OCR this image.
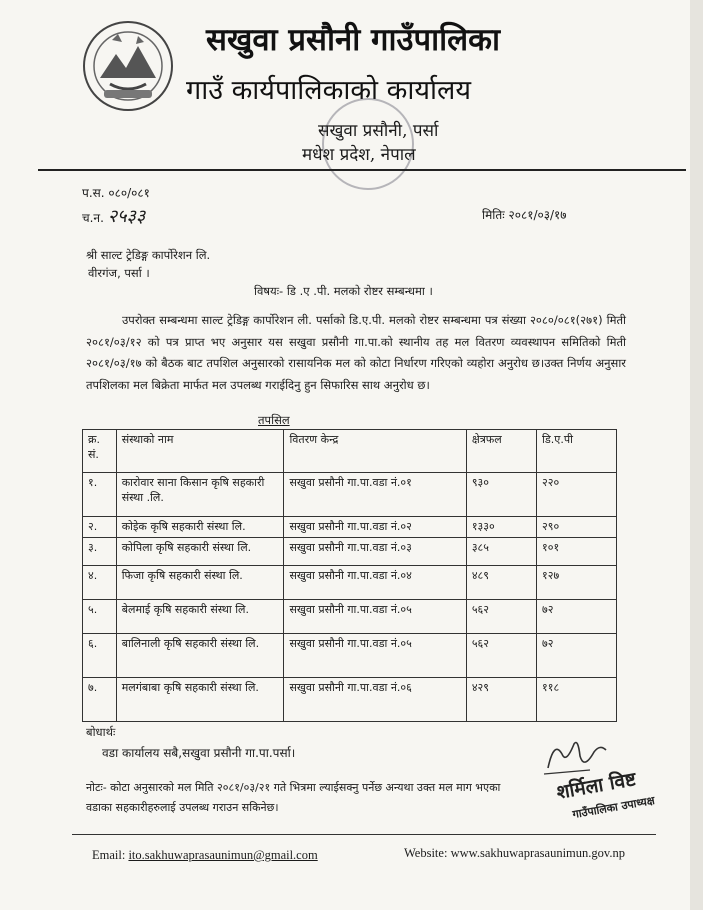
सखुवा प्रसौनी गाउँपालिका
गाउँ कार्यपालिकाको कार्यालय
सखुवा प्रसौनी, पर्सा
मधेश प्रदेश, नेपाल
प.स. ०८०/०८१
च.न. २५३३	मितिः २०८१/०३/१७
श्री साल्ट ट्रेडिङ्ग कार्पोरेशन लि.
वीरगंज, पर्सा ।
विषयः- डि .ए .पी. मलको रोष्टर सम्बन्धमा ।
उपरोक्त सम्बन्धमा साल्ट ट्रेडिङ्ग कार्पोरेशन ली. पर्साको डि.ए.पी. मलको रोष्टर सम्बन्धमा पत्र संख्या २०८०/०८१(२७१) मिती २०८१/०३/१२ को पत्र प्राप्त भए अनुसार यस सखुवा प्रसौनी गा.पा.को स्थानीय तह मल वितरण व्यवस्थापन समितिको मिती २०८१/०३/१७ को बैठक बाट तपशिल अनुसारको रासायनिक मल को कोटा निर्धारण गरिएको व्यहोरा अनुरोध छ।उक्त निर्णय अनुसार तपशिलका मल बिक्रेता मार्फत मल उपलब्ध गराईदिनु हुन सिफारिस साथ अनुरोध छ।
तपसिल
क्र. सं.	संस्थाको नाम	वितरण केन्द्र	क्षेत्रफल	डि.ए.पी
१.	कारोवार साना किसान कृषि सहकारी संस्था .लि.	सखुवा प्रसौनी गा.पा.वडा नं.०१	९३०	२२०
२.	कोइेक कृषि सहकारी संस्था लि.	सखुवा प्रसौनी गा.पा.वडा नं.०२	१३३०	२९०
३.	कोपिला कृषि सहकारी संस्था लि.	सखुवा प्रसौनी गा.पा.वडा नं.०३	३८५	१०१
४.	फिजा कृषि सहकारी संस्था लि.	सखुवा प्रसौनी गा.पा.वडा नं.०४	४८९	१२७
५.	बेलमाई कृषि सहकारी संस्था लि.	सखुवा प्रसौनी गा.पा.वडा नं.०५	५६२	७२
६.	बालिनाली कृषि सहकारी संस्था लि.	सखुवा प्रसौनी गा.पा.वडा नं.०५	५६२	७२
७.	मलगंबाबा कृषि सहकारी संस्था लि.	सखुवा प्रसौनी गा.पा.वडा नं.०६	४२९	११८
बोधार्थः
वडा कार्यालय सबै,सखुवा प्रसौनी गा.पा.पर्सा।
नोटः- कोटा अनुसारको मल मिति २०८१/०३/२१ गते भित्रमा ल्याईसक्नु पर्नेछ अन्यथा उक्त मल माग भएका
वडाका सहकारीहरुलाई उपलब्ध गराउन सकिनेछ।
शर्मिला विष्ट
गाउँपालिका उपाध्यक्ष
Email: ito.sakhuwaprasaunimun@gmail.com	Website: www.sakhuwaprasaunimun.gov.np
